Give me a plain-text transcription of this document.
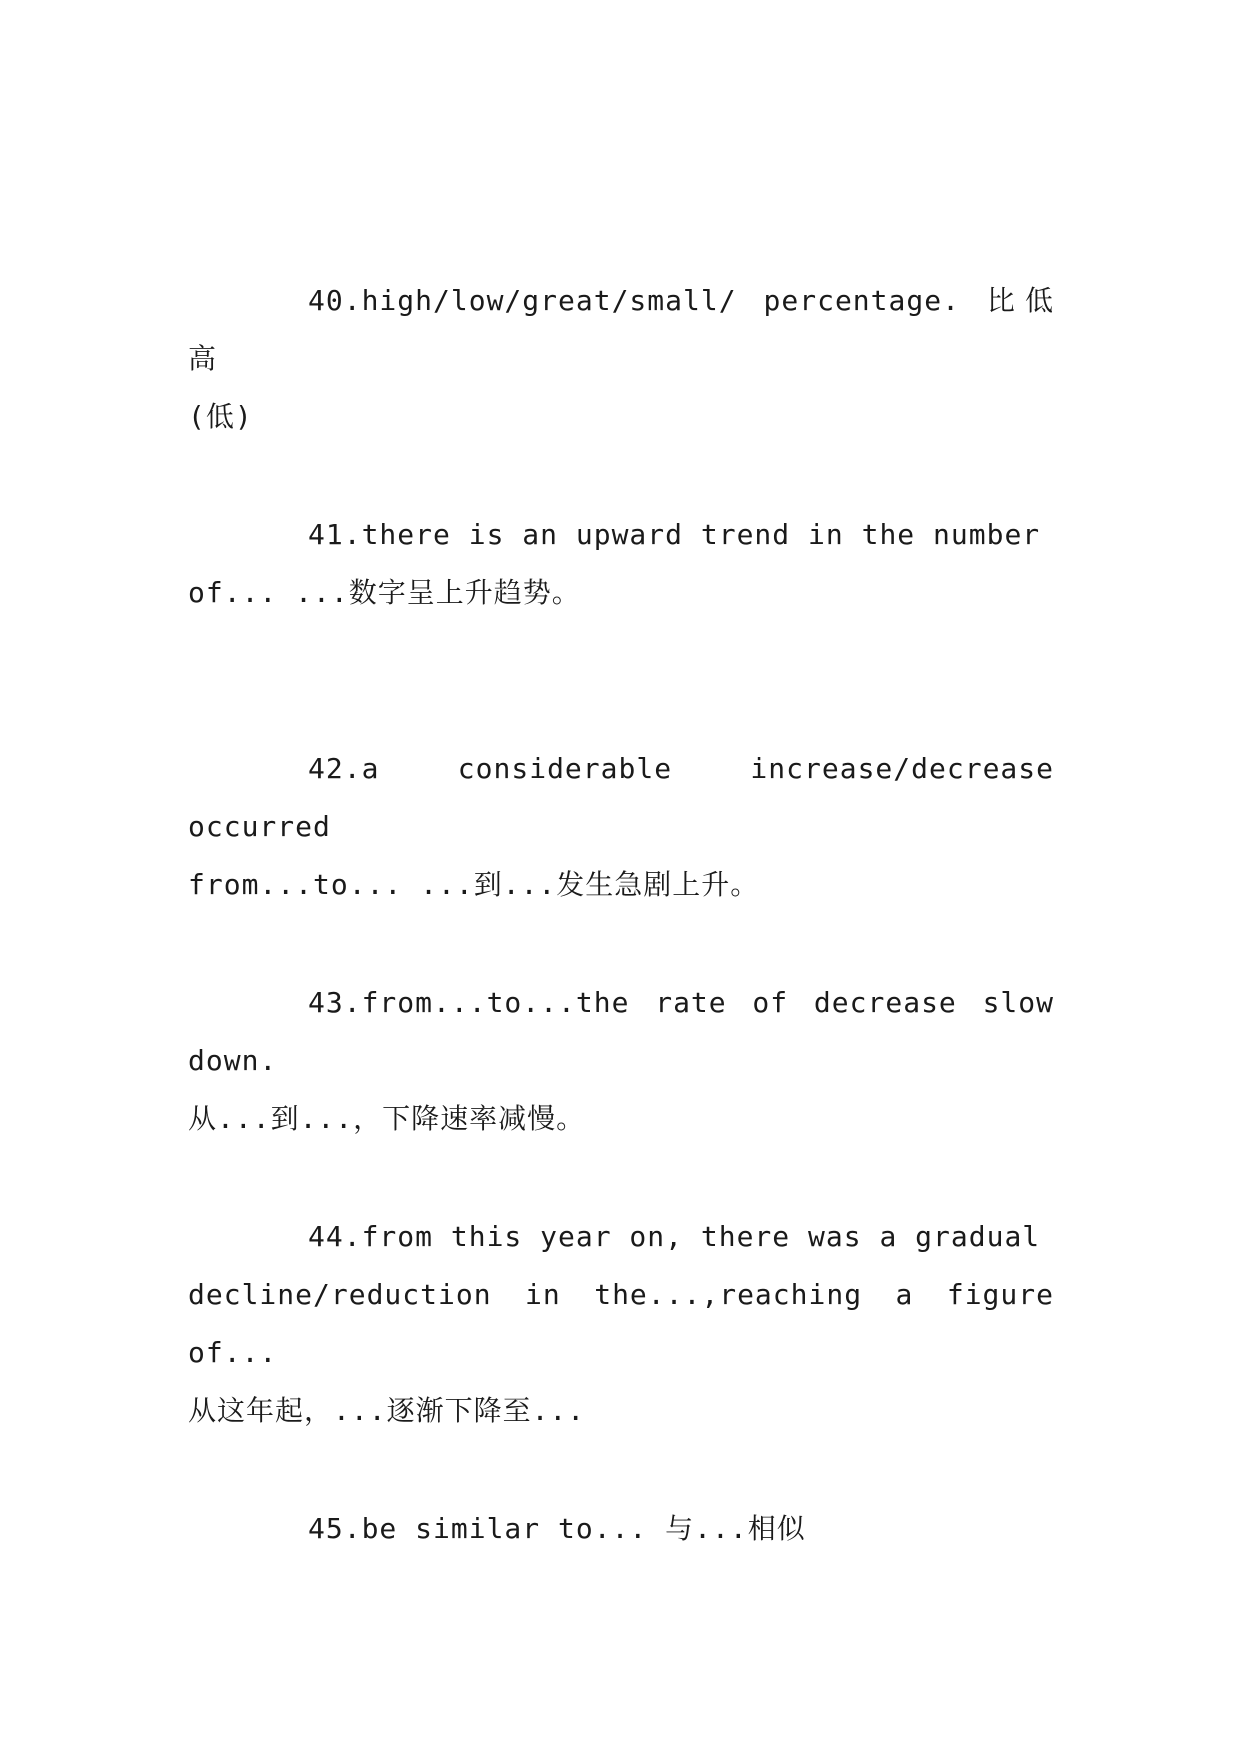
40.high/low/great/small/ percentage. 比低高
(低)
41.there is an upward trend in the number
of... ...数字呈上升趋势。
42.a considerable increase/decrease occurred
from...to... ...到...发生急剧上升。
43.from...to...the rate of decrease slow down.
从...到...，下降速率减慢。
44.from this year on, there was a gradual
decline/reduction in the...,reaching a figure of...
从这年起，...逐渐下降至...
45.be similar to... 与...相似
